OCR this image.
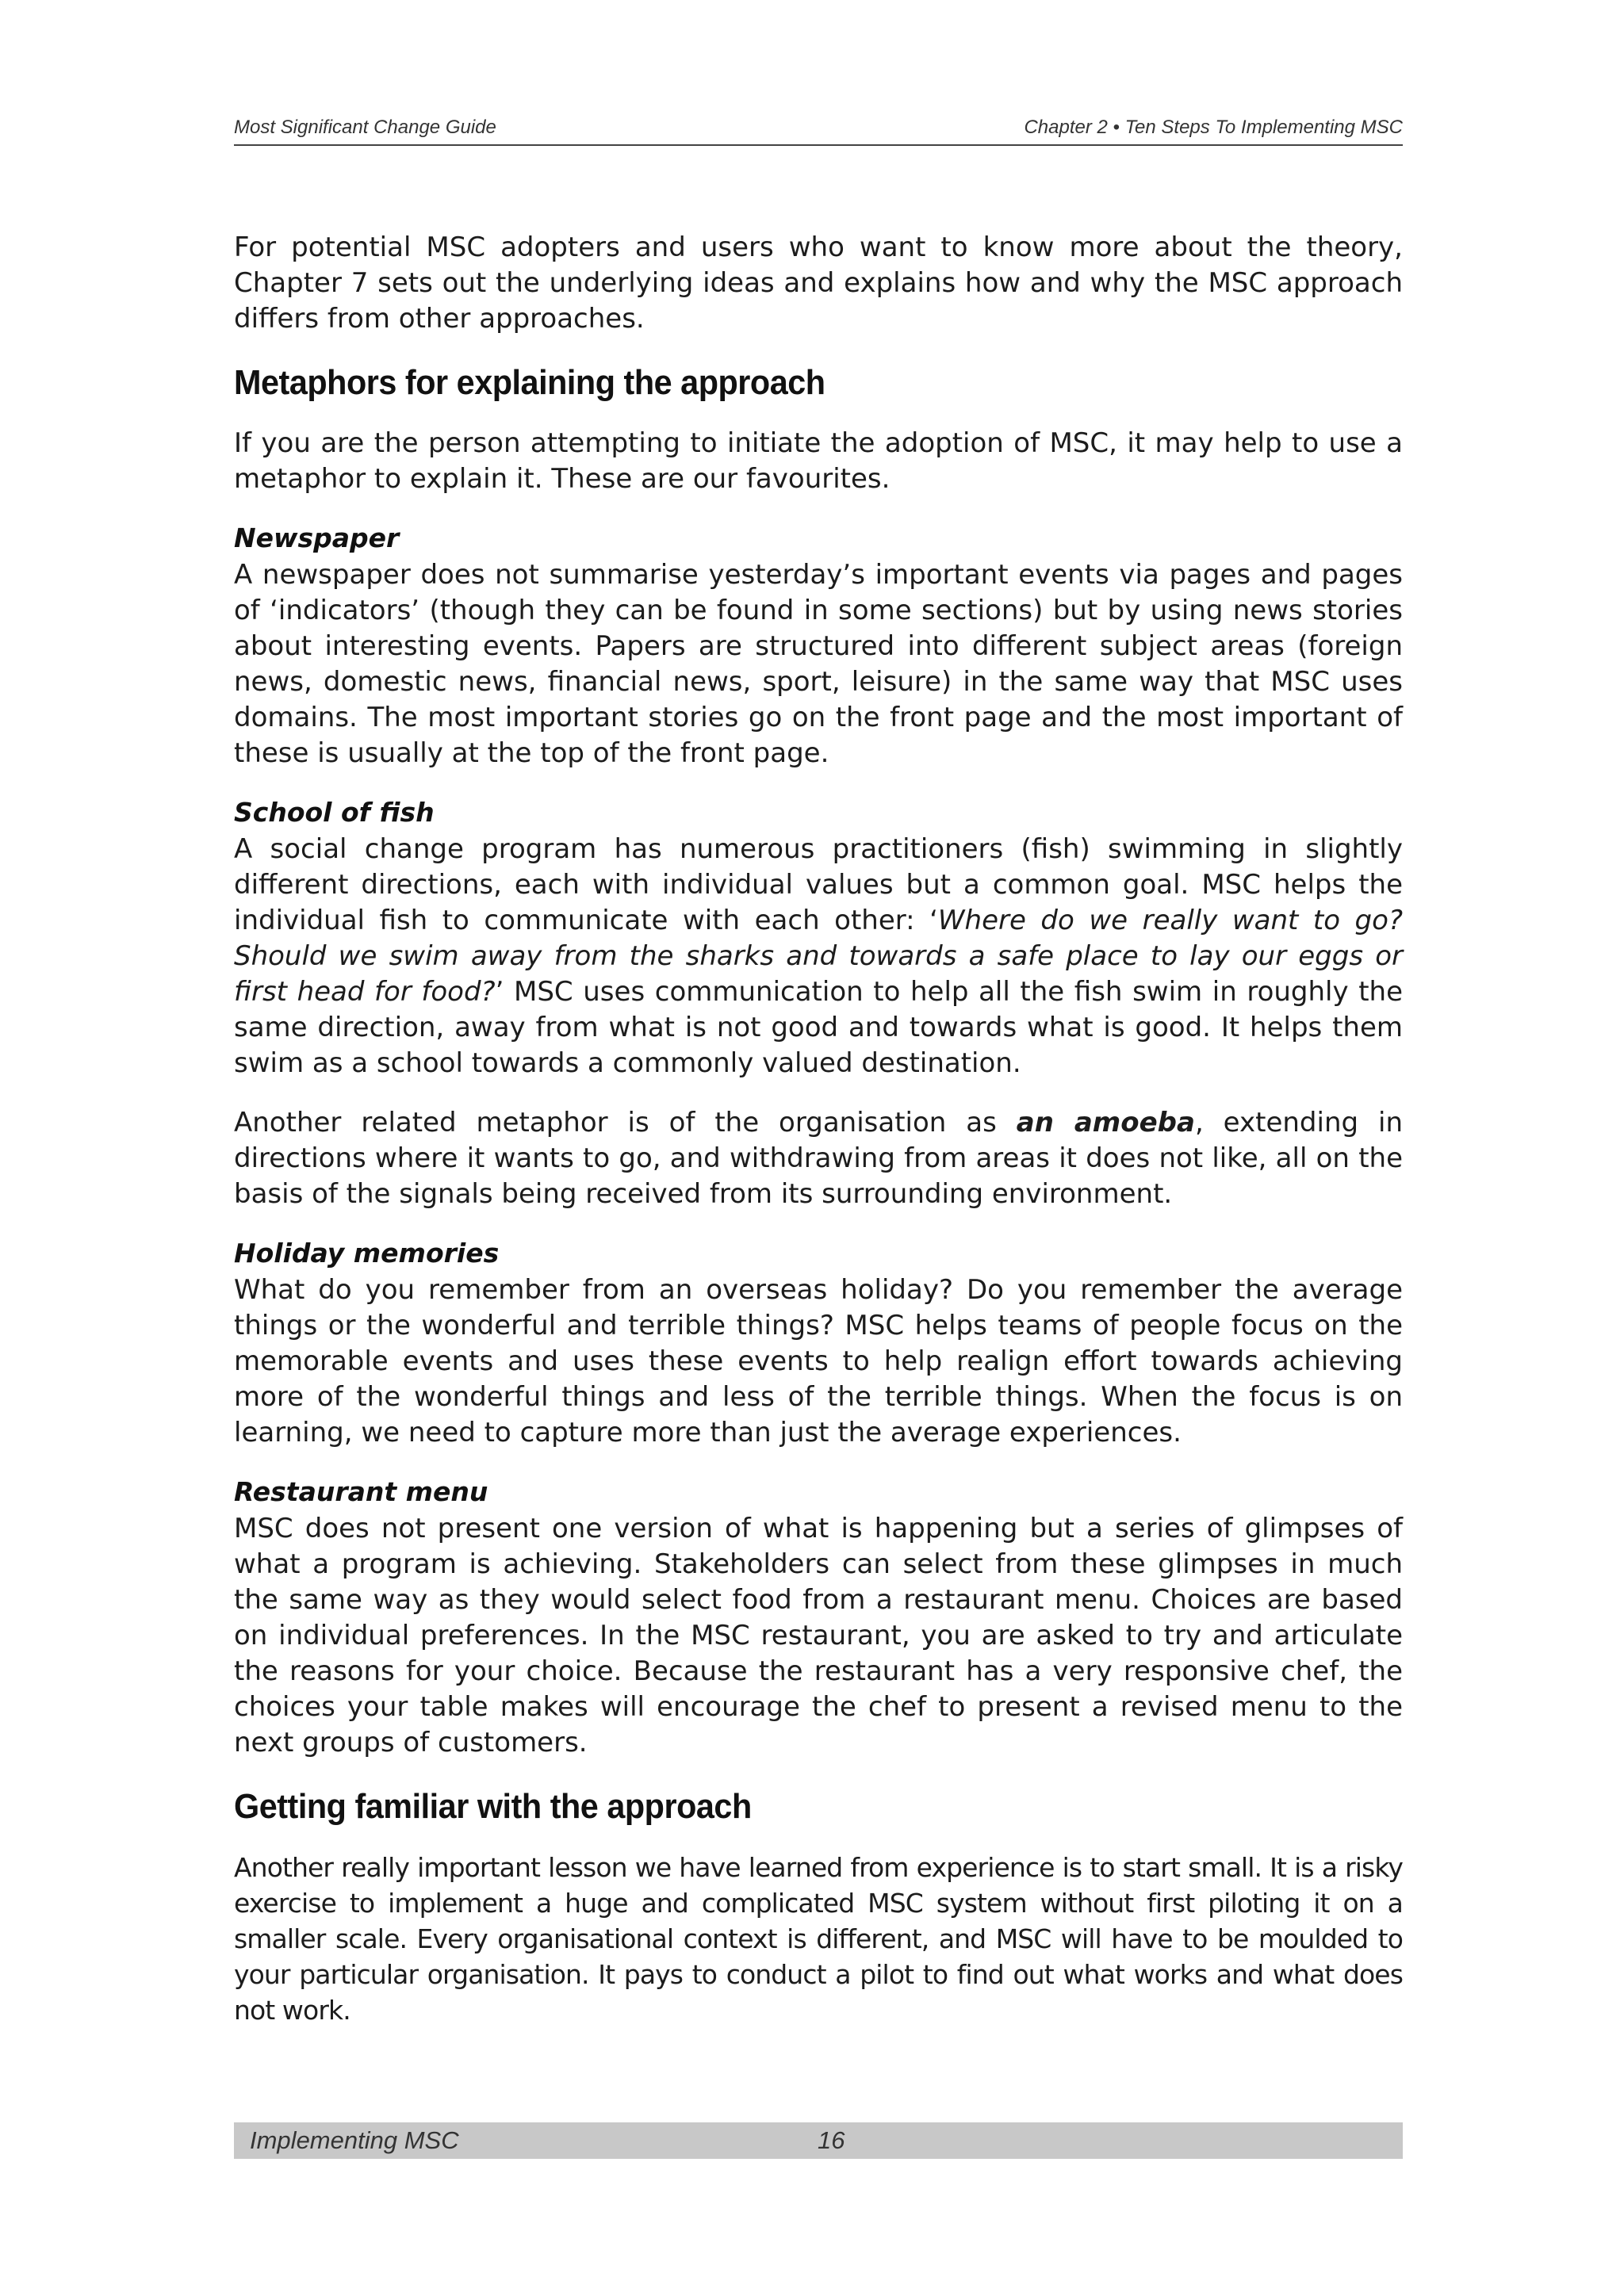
Most Significant Change Guide	Chapter 2 • Ten Steps To Implementing MSC

For potential MSC adopters and users who want to know more about the theory, Chapter 7 sets out the underlying ideas and explains how and why the MSC approach differs from other approaches.

Metaphors for explaining the approach

If you are the person attempting to initiate the adoption of MSC, it may help to use a metaphor to explain it. These are our favourites.

Newspaper

A newspaper does not summarise yesterday’s important events via pages and pages of ‘indicators’ (though they can be found in some sections) but by using news stories about interesting events. Papers are structured into different subject areas (foreign news, domestic news, financial news, sport, leisure) in the same way that MSC uses domains. The most important stories go on the front page and the most important of these is usually at the top of the front page.

School of fish

A social change program has numerous practitioners (fish) swimming in slightly different directions, each with individual values but a common goal. MSC helps the individual fish to communicate with each other: ‘Where do we really want to go? Should we swim away from the sharks and towards a safe place to lay our eggs or first head for food?’ MSC uses communication to help all the fish swim in roughly the same direction, away from what is not good and towards what is good. It helps them swim as a school towards a commonly valued destination.

Another related metaphor is of the organisation as an amoeba, extending in directions where it wants to go, and withdrawing from areas it does not like, all on the basis of the signals being received from its surrounding environment.

Holiday memories

What do you remember from an overseas holiday? Do you remember the average things or the wonderful and terrible things? MSC helps teams of people focus on the memorable events and uses these events to help realign effort towards achieving more of the wonderful things and less of the terrible things. When the focus is on learning, we need to capture more than just the average experiences.

Restaurant menu

MSC does not present one version of what is happening but a series of glimpses of what a program is achieving. Stakeholders can select from these glimpses in much the same way as they would select food from a restaurant menu. Choices are based on individual preferences. In the MSC restaurant, you are asked to try and articulate the reasons for your choice. Because the restaurant has a very responsive chef, the choices your table makes will encourage the chef to present a revised menu to the next groups of customers.

Getting familiar with the approach

Another really important lesson we have learned from experience is to start small. It is a risky exercise to implement a huge and complicated MSC system without first piloting it on a smaller scale. Every organisational context is different, and MSC will have to be moulded to your particular organisation. It pays to conduct a pilot to find out what works and what does not work.

Implementing MSC	16
